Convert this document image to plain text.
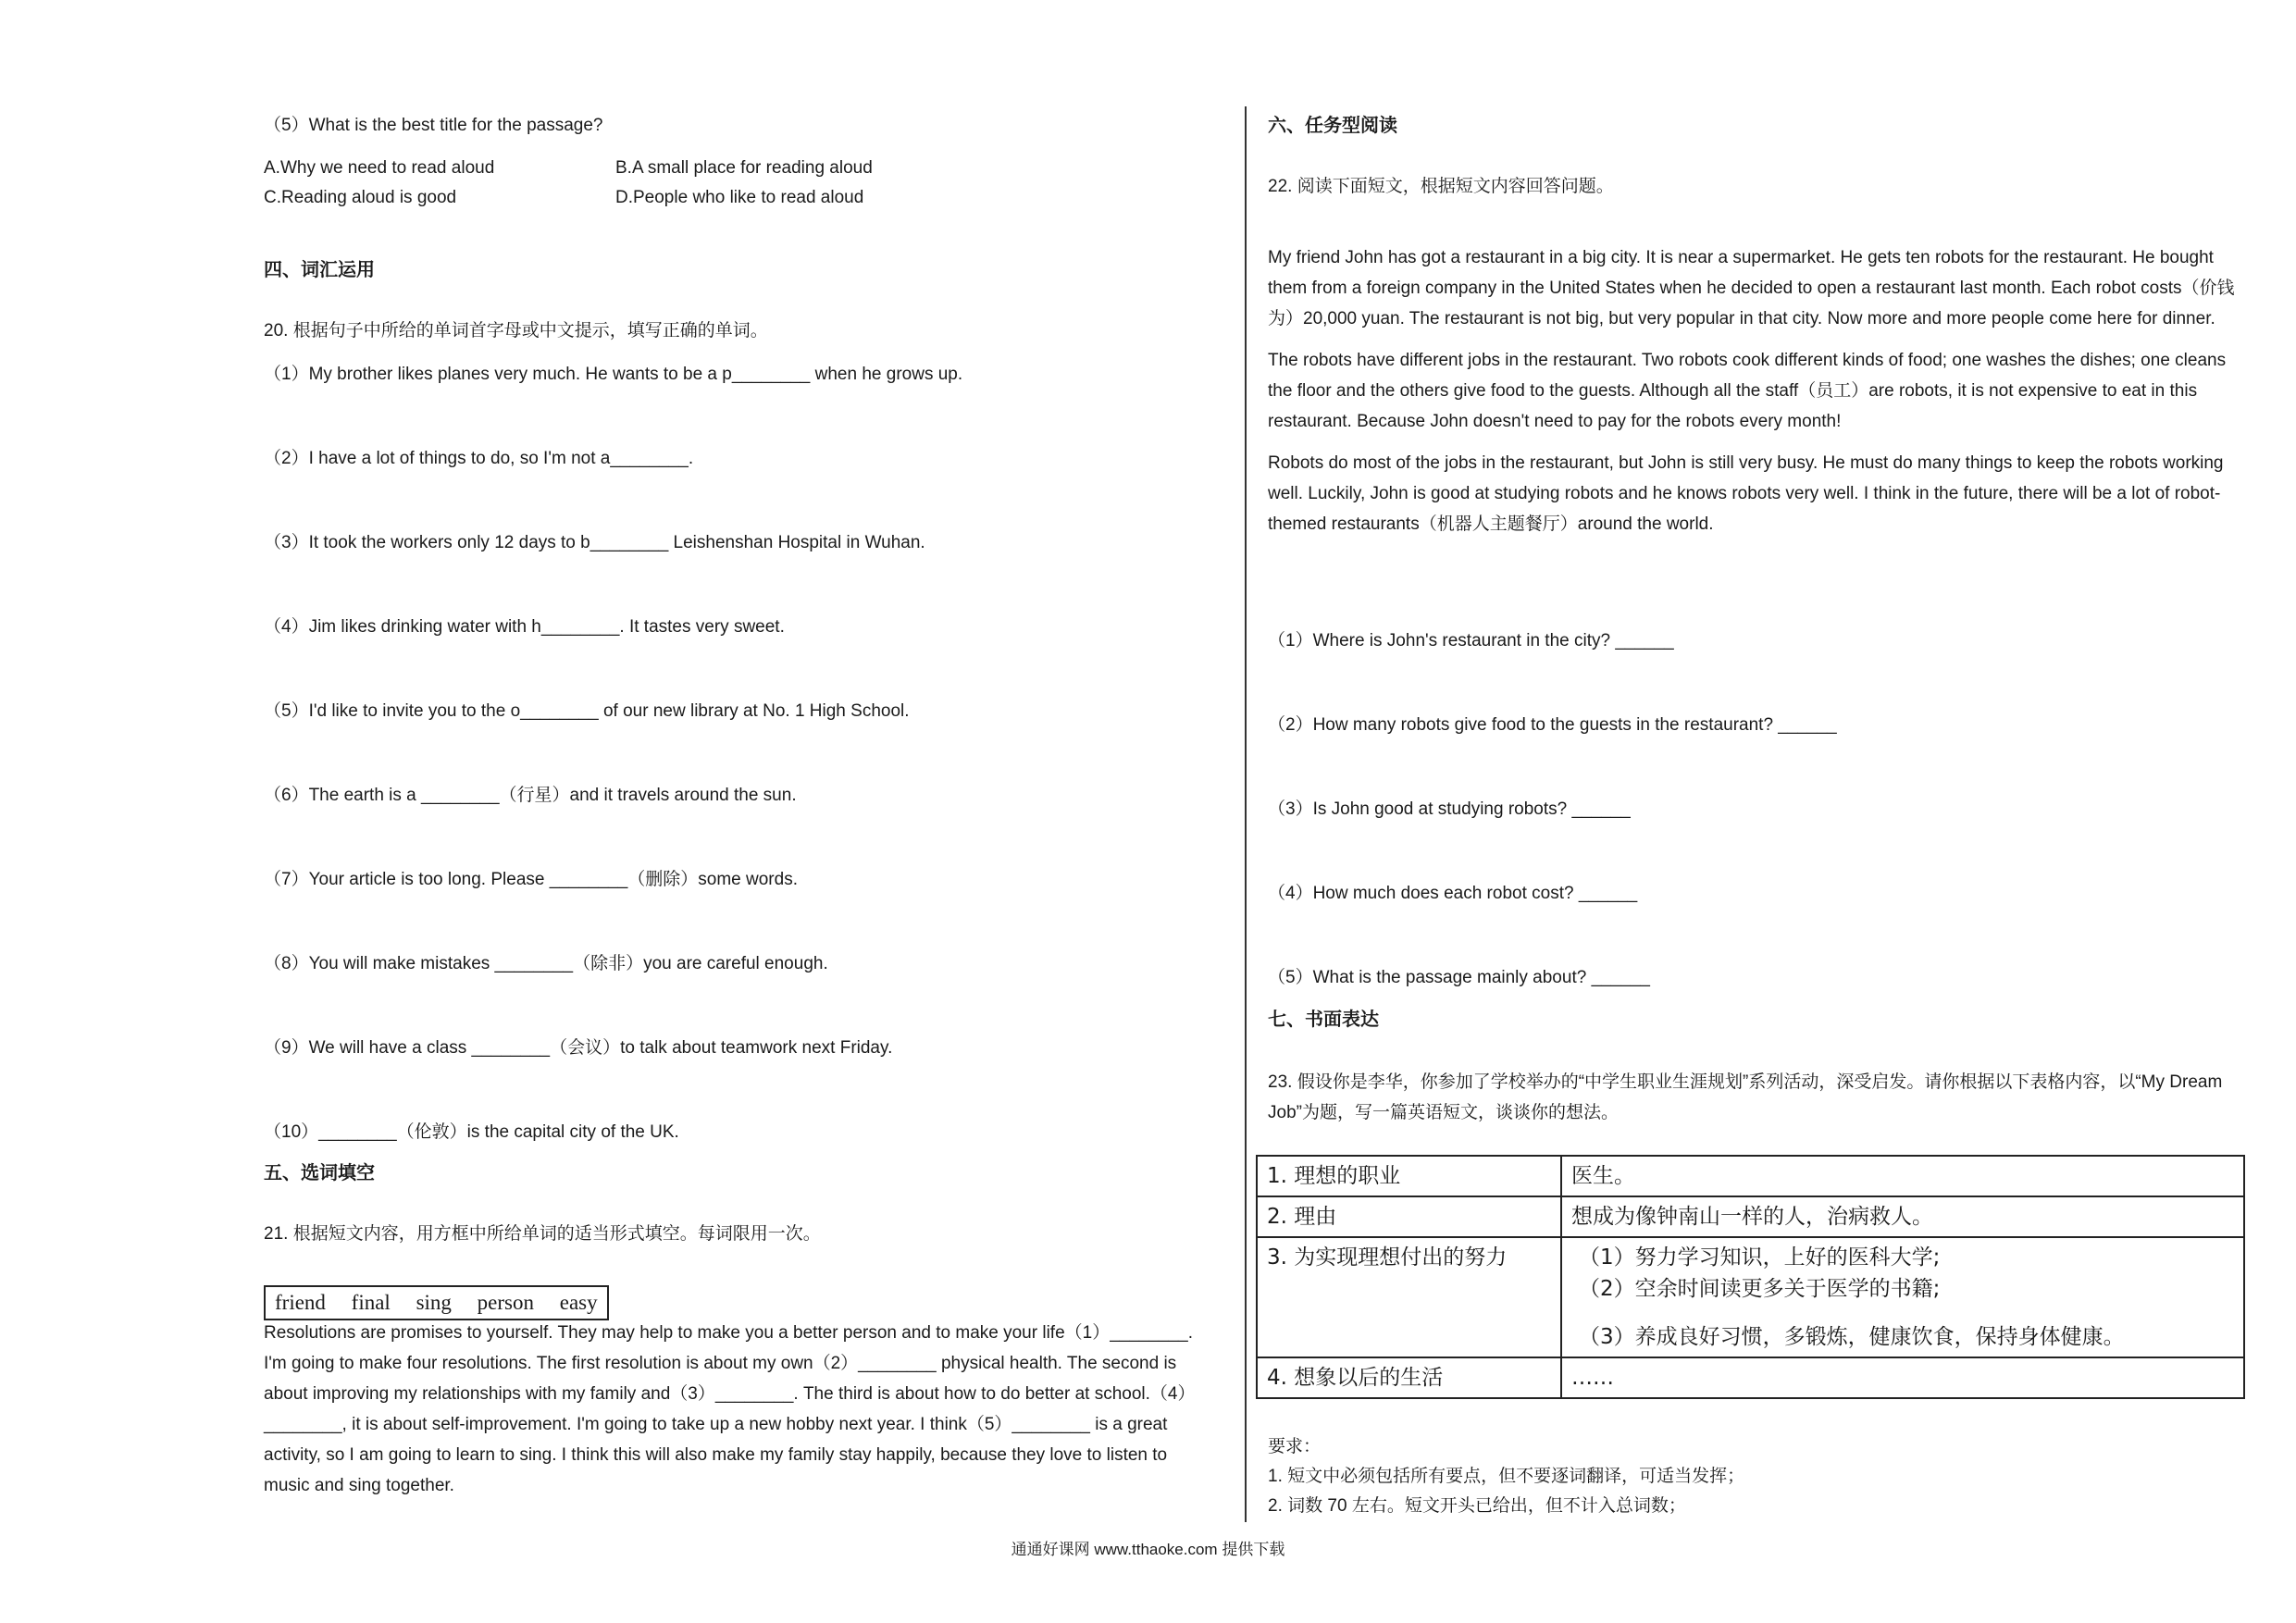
（5）What is the best title for the passage?
A.Why we need to read aloud	B.A small place for reading aloud
C.Reading aloud is good	D.People who like to read aloud
四、词汇运用
20. 根据句子中所给的单词首字母或中文提示，填写正确的单词。
（1）My brother likes planes very much. He wants to be a p________ when he grows up.
（2）I have a lot of things to do, so I'm not a________.
（3）It took the workers only 12 days to b________ Leishenshan Hospital in Wuhan.
（4）Jim likes drinking water with h________. It tastes very sweet.
（5）I'd like to invite you to the o________ of our new library at No. 1 High School.
（6）The earth is a ________（行星）and it travels around the sun.
（7）Your article is too long. Please ________（删除）some words.
（8）You will make mistakes ________（除非）you are careful enough.
（9）We will have a class ________（会议）to talk about teamwork next Friday.
（10）________（伦敦）is the capital city of the UK.
五、选词填空
21. 根据短文内容，用方框中所给单词的适当形式填空。每词限用一次。
friend final sing person easy
Resolutions are promises to yourself. They may help to make you a better person and to make your life（1）________. I'm going to make four resolutions. The first resolution is about my own（2）________ physical health. The second is about improving my relationships with my family and（3）________. The third is about how to do better at school.（4）________, it is about self-improvement. I'm going to take up a new hobby next year. I think（5）________ is a great activity, so I am going to learn to sing. I think this will also make my family stay happily, because they love to listen to music and sing together.
六、任务型阅读
22. 阅读下面短文，根据短文内容回答问题。

My friend John has got a restaurant in a big city. It is near a supermarket. He gets ten robots for the restaurant. He bought them from a foreign company in the United States when he decided to open a restaurant last month. Each robot costs（价钱为）20,000 yuan. The restaurant is not big, but very popular in that city. Now more and more people come here for dinner.

The robots have different jobs in the restaurant. Two robots cook different kinds of food; one washes the dishes; one cleans the floor and the others give food to the guests. Although all the staff（员工）are robots, it is not expensive to eat in this restaurant. Because John doesn't need to pay for the robots every month!

Robots do most of the jobs in the restaurant, but John is still very busy. He must do many things to keep the robots working well. Luckily, John is good at studying robots and he knows robots very well. I think in the future, there will be a lot of robot-themed restaurants（机器人主题餐厅）around the world.

（1）Where is John's restaurant in the city? ______
（2）How many robots give food to the guests in the restaurant? ______
（3）Is John good at studying robots? ______
（4）How much does each robot cost? ______
（5）What is the passage mainly about? ______
七、书面表达
23. 假设你是李华，你参加了学校举办的“中学生职业生涯规划”系列活动，深受启发。请你根据以下表格内容，以“My Dream Job”为题，写一篇英语短文，谈谈你的想法。
1. 理想的职业	医生。
2. 理由	想成为像钟南山一样的人，治病救人。
3. 为实现理想付出的努力	（1）努力学习知识，上好的医科大学;
（2）空余时间读更多关于医学的书籍;
（3）养成良好习惯，多锻炼，健康饮食，保持身体健康。

4. 想象以后的生活	……
要求：
1. 短文中必须包括所有要点，但不要逐词翻译，可适当发挥；
2. 词数 70 左右。短文开头已给出，但不计入总词数；
通通好课网 www.tthaoke.com 提供下载
